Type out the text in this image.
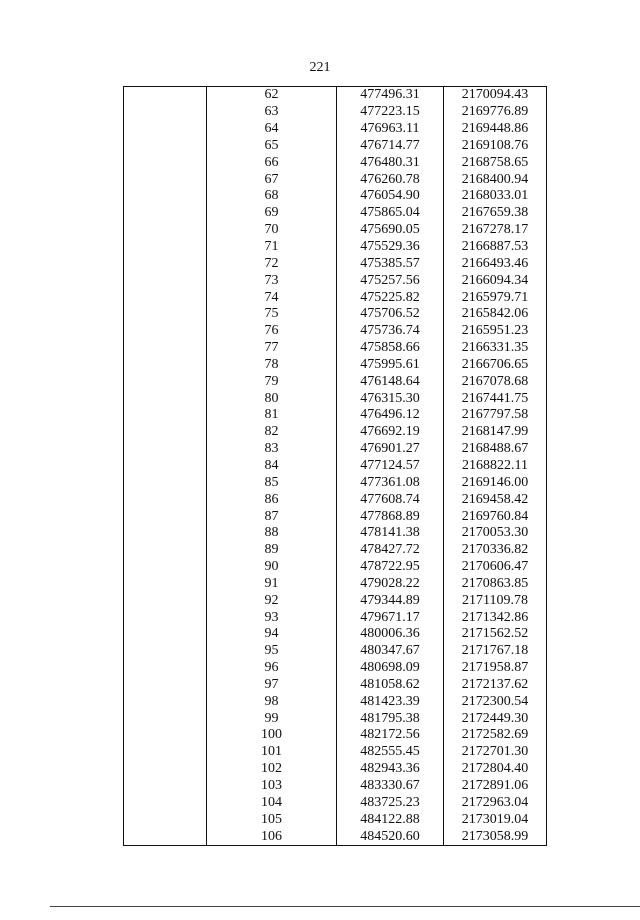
221
	62	477496.31	2170094.43
	63	477223.15	2169776.89
	64	476963.11	2169448.86
	65	476714.77	2169108.76
	66	476480.31	2168758.65
	67	476260.78	2168400.94
	68	476054.90	2168033.01
	69	475865.04	2167659.38
	70	475690.05	2167278.17
	71	475529.36	2166887.53
	72	475385.57	2166493.46
	73	475257.56	2166094.34
	74	475225.82	2165979.71
	75	475706.52	2165842.06
	76	475736.74	2165951.23
	77	475858.66	2166331.35
	78	475995.61	2166706.65
	79	476148.64	2167078.68
	80	476315.30	2167441.75
	81	476496.12	2167797.58
	82	476692.19	2168147.99
	83	476901.27	2168488.67
	84	477124.57	2168822.11
	85	477361.08	2169146.00
	86	477608.74	2169458.42
	87	477868.89	2169760.84
	88	478141.38	2170053.30
	89	478427.72	2170336.82
	90	478722.95	2170606.47
	91	479028.22	2170863.85
	92	479344.89	2171109.78
	93	479671.17	2171342.86
	94	480006.36	2171562.52
	95	480347.67	2171767.18
	96	480698.09	2171958.87
	97	481058.62	2172137.62
	98	481423.39	2172300.54
	99	481795.38	2172449.30
	100	482172.56	2172582.69
	101	482555.45	2172701.30
	102	482943.36	2172804.40
	103	483330.67	2172891.06
	104	483725.23	2172963.04
	105	484122.88	2173019.04
	106	484520.60	2173058.99
